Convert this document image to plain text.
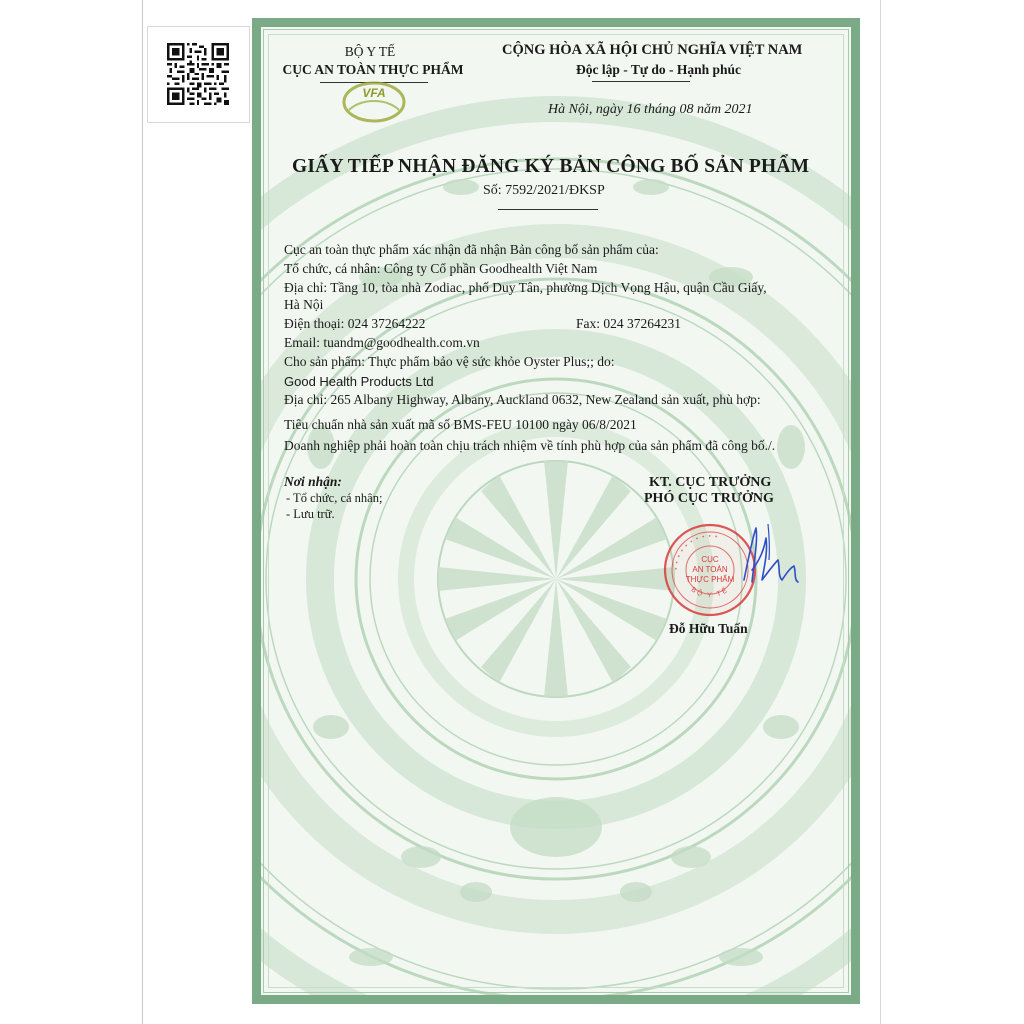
BỘ Y TẾ
CỤC AN TOÀN THỰC PHẨM
VFA
CỘNG HÒA XÃ HỘI CHỦ NGHĨA VIỆT NAM
Độc lập - Tự do - Hạnh phúc
Hà Nội, ngày 16 tháng 08 năm 2021
GIẤY TIẾP NHẬN ĐĂNG KÝ BẢN CÔNG BỐ SẢN PHẨM
Số: 7592/2021/ĐKSP
Cục an toàn thực phẩm xác nhận đã nhận Bản công bố sản phẩm của:
Tổ chức, cá nhân: Công ty Cổ phần Goodhealth Việt Nam
Địa chỉ: Tầng 10, tòa nhà Zodiac, phố Duy Tân, phường Dịch Vọng Hậu, quận Cầu Giấy,
Hà Nội
Điện thoại: 024 37264222	Fax: 024 37264231
Email: tuandm@goodhealth.com.vn
Cho sản phẩm: Thực phẩm bảo vệ sức khỏe Oyster Plus;; do:
Good Health Products Ltd
Địa chỉ: 265 Albany Highway, Albany, Auckland 0632, New Zealand sản xuất, phù hợp:
Tiêu chuẩn nhà sản xuất mã số BMS-FEU 10100 ngày 06/8/2021
Doanh nghiệp phải hoàn toàn chịu trách nhiệm về tính phù hợp của sản phẩm đã công bố./.
Nơi nhận:
- Tổ chức, cá nhân;
- Lưu trữ.
KT. CỤC TRƯỞNG
PHÓ CỤC TRƯỞNG
• • • • • • • • • •
BỘ Y TẾ
CỤC
AN TOÀN
THỰC PHẨM
Đỗ Hữu Tuấn
